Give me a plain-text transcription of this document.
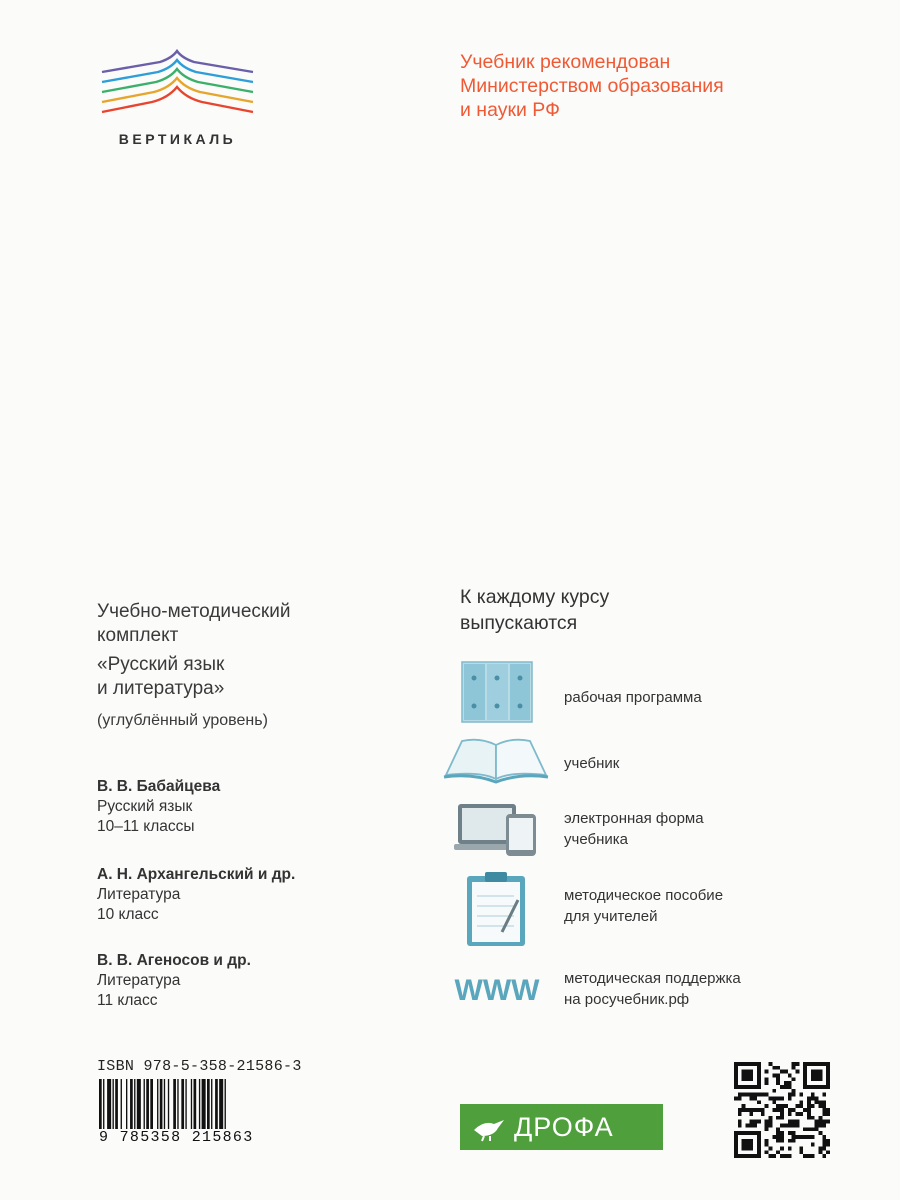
ВЕРТИКАЛЬ
Учебник рекомендован
Министерством образования
и науки РФ
Учебно-методический
комплект
«Русский язык
и литература»
(углублённый уровень)
В. В. Бабайцева
Русский язык
10–11 классы
А. Н. Архангельский и др.
Литература
10 класс
В. В. Агеносов и др.
Литература
11 класс
К каждому курсу
выпускаются
рабочая программа
учебник
электронная форма
учебника
методическое пособие
для учителей
WWW методическая поддержка
на росучебник.рф
ISBN 978-5-358-21586-3
9 785358 215863	ДРОФА
